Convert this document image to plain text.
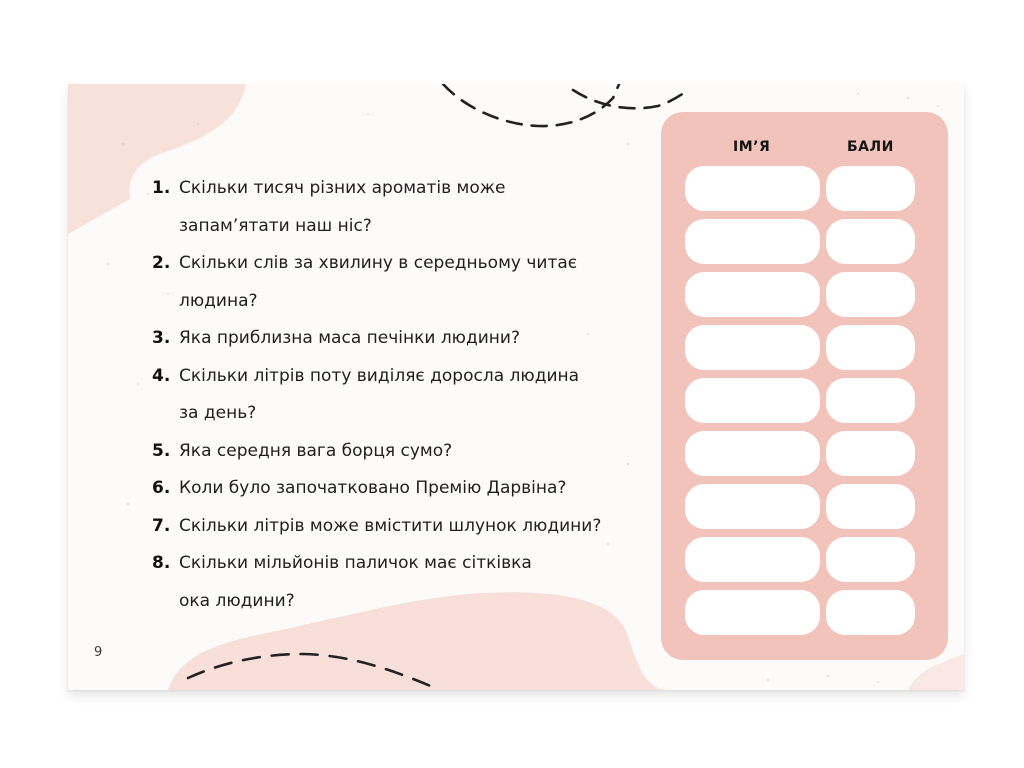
1. Скільки тисяч різних ароматів може
запам’ятати наш ніс?
2. Скільки слів за хвилину в середньому читає
людина?
3. Яка приблизна маса печінки людини?
4. Скільки літрів поту виділяє доросла людина
за день?
5. Яка середня вага борця сумо?
6. Коли було започатковано Премію Дарвіна?
7. Скільки літрів може вмістити шлунок людини?
8. Скільки мільйонів паличок має сітківка
ока людини?
9
ІМ’Я	БАЛИ
